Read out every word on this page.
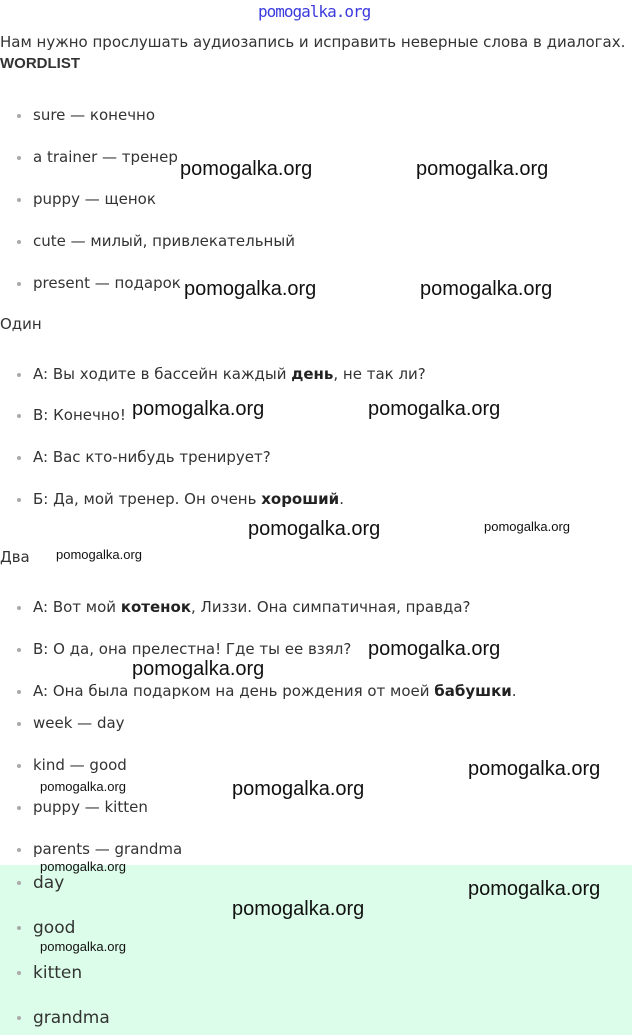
pomogalka.org
Нам нужно прослушать аудиозапись и исправить неверные слова в диалогах.
WORDLIST
sure — конечно
a trainer — тренер
puppy — щенок
cute — милый, привлекательный
present — подарок
Один
A: Вы ходите в бассейн каждый день, не так ли?
B: Конечно!
A: Вас кто-нибудь тренирует?
Б: Да, мой тренер. Он очень хороший.
Два
A: Вот мой котенок, Лиззи. Она симпатичная, правда?
B: О да, она прелестна! Где ты ее взял?
A: Она была подарком на день рождения от моей бабушки.
week — day
kind — good
puppy — kitten
parents — grandma
day
good
kitten
grandma
pomogalka.org	pomogalka.org
pomogalka.org	pomogalka.org
pomogalka.org	pomogalka.org
pomogalka.org	pomogalka.org
pomogalka.org
pomogalka.org
pomogalka.org
pomogalka.org
pomogalka.org	pomogalka.org
pomogalka.org
pomogalka.org
pomogalka.org
pomogalka.org
